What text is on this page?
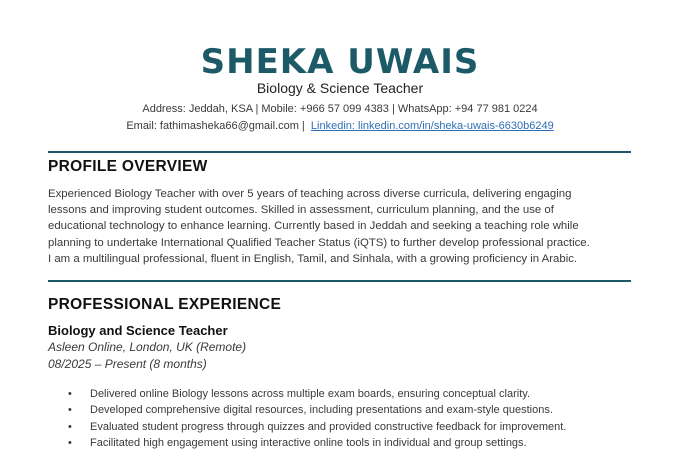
SHEKA UWAIS
Biology & Science Teacher
Address: Jeddah, KSA | Mobile: +966 57 099 4383 | WhatsApp: +94 77 981 0224
Email: fathimasheka66@gmail.com | Linkedin: linkedin.com/in/sheka-uwais-6630b6249
PROFILE OVERVIEW
Experienced Biology Teacher with over 5 years of teaching across diverse curricula, delivering engaging
lessons and improving student outcomes. Skilled in assessment, curriculum planning, and the use of
educational technology to enhance learning. Currently based in Jeddah and seeking a teaching role while
planning to undertake International Qualified Teacher Status (iQTS) to further develop professional practice.
I am a multilingual professional, fluent in English, Tamil, and Sinhala, with a growing proficiency in Arabic.
PROFESSIONAL EXPERIENCE
Biology and Science Teacher
Asleen Online, London, UK (Remote)
08/2025 – Present (8 months)
• Delivered online Biology lessons across multiple exam boards, ensuring conceptual clarity.
• Developed comprehensive digital resources, including presentations and exam-style questions.
• Evaluated student progress through quizzes and provided constructive feedback for improvement.
• Facilitated high engagement using interactive online tools in individual and group settings.
